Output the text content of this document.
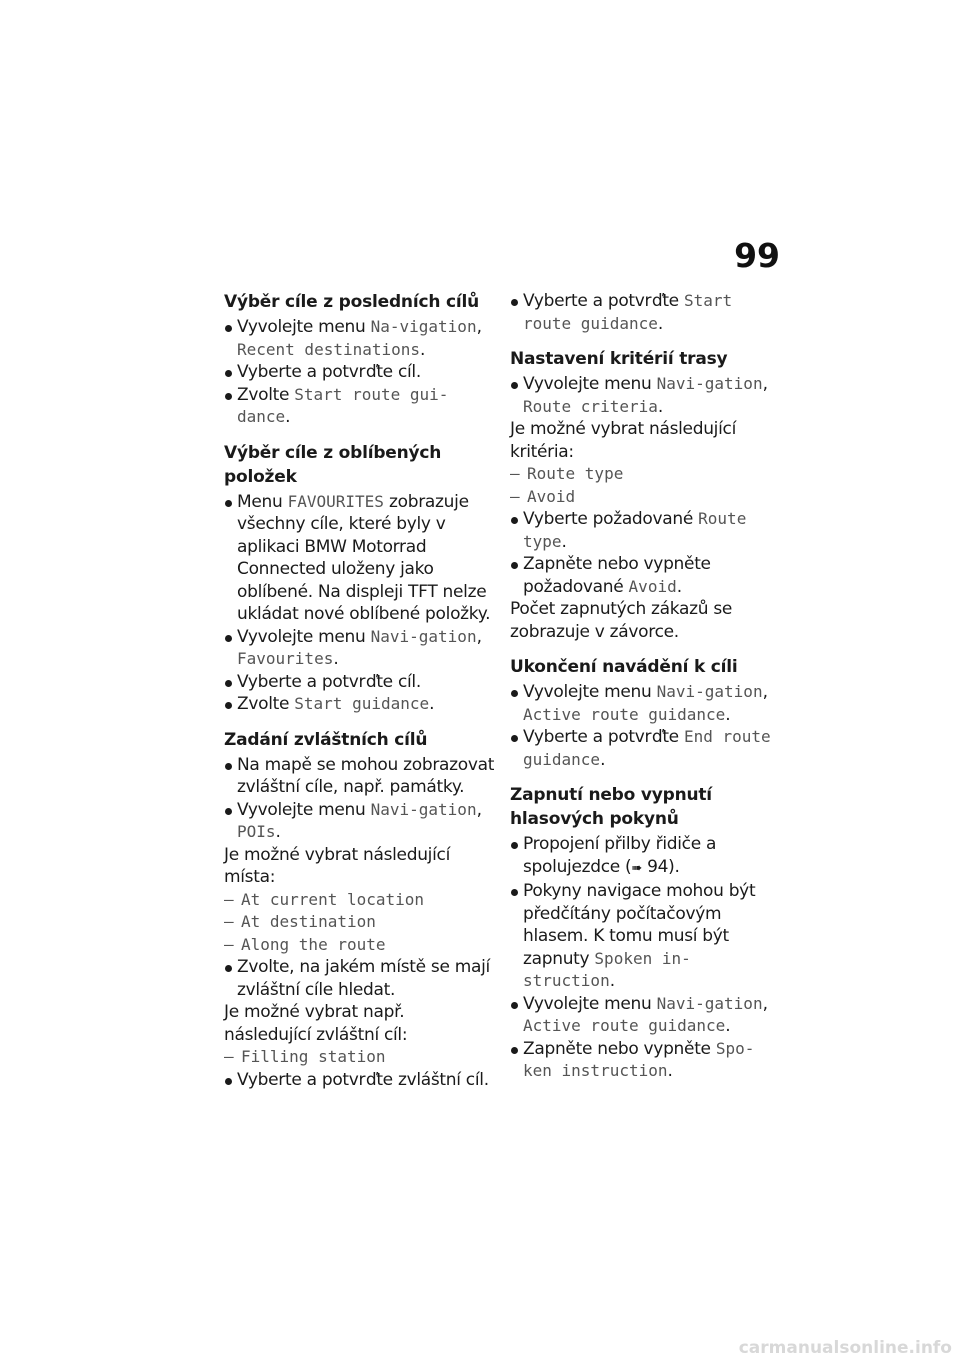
99
Výběr cíle z posledních cílů
Vyvolejte menu Na-vigation, Recent destinations.
Vyberte a potvrďte cíl.
Zvolte Start route gui-dance.
Výběr cíle z oblíbených položek
Menu FAVOURITES zobrazuje všechny cíle, které byly v aplikaci BMW Motorrad Connected uloženy jako oblíbené. Na displeji TFT nelze ukládat nové oblíbené položky.
Vyvolejte menu Navi-gation, Favourites.
Vyberte a potvrďte cíl.
Zvolte Start guidance.
Zadání zvláštních cílů
Na mapě se mohou zobrazovat zvláštní cíle, např. památky.
Vyvolejte menu Navi-gation, POIs.
Je možné vybrat následující místa:
– At current location
– At destination
– Along the route
Zvolte, na jakém místě se mají zvláštní cíle hledat.
Je možné vybrat např. následující zvláštní cíl:
– Filling station
Vyberte a potvrďte zvláštní cíl.
Vyberte a potvrďte Start route guidance.
Nastavení kritérií trasy
Vyvolejte menu Navi-gation, Route criteria.
Je možné vybrat následující kritéria:
– Route type
– Avoid
Vyberte požadované Route type.
Zapněte nebo vypněte požadované Avoid.
Počet zapnutých zákazů se zobrazuje v závorce.
Ukončení navádění k cíli
Vyvolejte menu Navi-gation, Active route guidance.
Vyberte a potvrďte End route guidance.
Zapnutí nebo vypnutí hlasových pokynů
Propojení přilby řidiče a spolujezdce (➠ 94).
Pokyny navigace mohou být předčítány počítačovým hlasem. K tomu musí být zapnuty Spoken in-struction.
Vyvolejte menu Navi-gation, Active route guidance.
Zapněte nebo vypněte Spo-ken instruction.
carmanualsonline.info
